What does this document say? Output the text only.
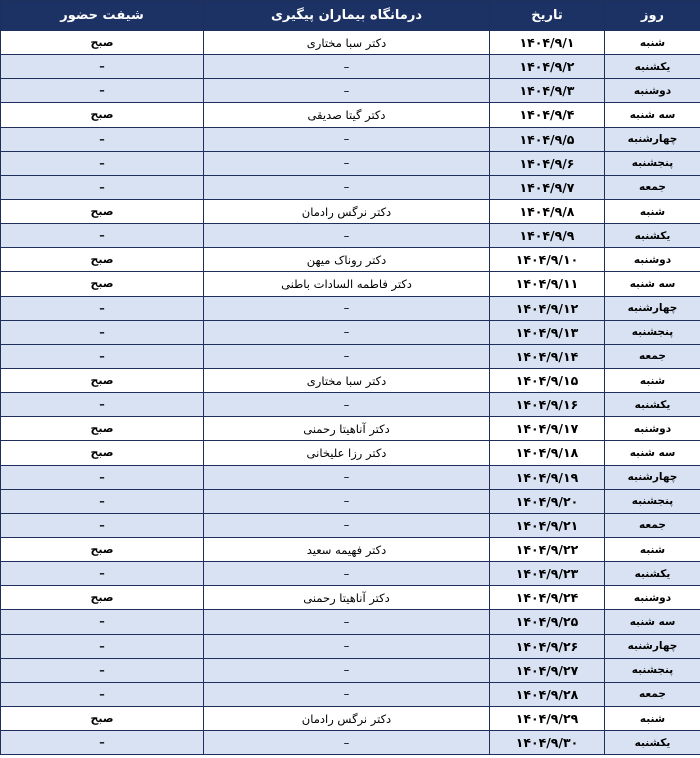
روز	تاریخ	درمانگاه بیماران پیگیری	شیفت حضور
شنبه	۱۴۰۴/۹/۱	دکتر سبا مختاری	صبح
یکشنبه	۱۴۰۴/۹/۲	–	–
دوشنبه	۱۴۰۴/۹/۳	–	–
سه شنبه	۱۴۰۴/۹/۴	دکتر گیتا صدیقی	صبح
چهارشنبه	۱۴۰۴/۹/۵	–	–
پنجشنبه	۱۴۰۴/۹/۶	–	–
جمعه	۱۴۰۴/۹/۷	–	–
شنبه	۱۴۰۴/۹/۸	دکتر نرگس رادمان	صبح
یکشنبه	۱۴۰۴/۹/۹	–	–
دوشنبه	۱۴۰۴/۹/۱۰	دکتر روناک میهن	صبح
سه شنبه	۱۴۰۴/۹/۱۱	دکتر فاطمه السادات باطنی	صبح
چهارشنبه	۱۴۰۴/۹/۱۲	–	–
پنجشنبه	۱۴۰۴/۹/۱۳	–	–
جمعه	۱۴۰۴/۹/۱۴	–	–
شنبه	۱۴۰۴/۹/۱۵	دکتر سبا مختاری	صبح
یکشنبه	۱۴۰۴/۹/۱۶	–	–
دوشنبه	۱۴۰۴/۹/۱۷	دکتر آناهیتا رحمنی	صبح
سه شنبه	۱۴۰۴/۹/۱۸	دکتر رزا علیخانی	صبح
چهارشنبه	۱۴۰۴/۹/۱۹	–	–
پنجشنبه	۱۴۰۴/۹/۲۰	–	–
جمعه	۱۴۰۴/۹/۲۱	–	–
شنبه	۱۴۰۴/۹/۲۲	دکتر فهیمه سعید	صبح
یکشنبه	۱۴۰۴/۹/۲۳	–	–
دوشنبه	۱۴۰۴/۹/۲۴	دکتر آناهیتا رحمنی	صبح
سه شنبه	۱۴۰۴/۹/۲۵	–	–
چهارشنبه	۱۴۰۴/۹/۲۶	–	–
پنجشنبه	۱۴۰۴/۹/۲۷	–	–
جمعه	۱۴۰۴/۹/۲۸	–	–
شنبه	۱۴۰۴/۹/۲۹	دکتر نرگس رادمان	صبح
یکشنبه	۱۴۰۴/۹/۳۰	–	–
